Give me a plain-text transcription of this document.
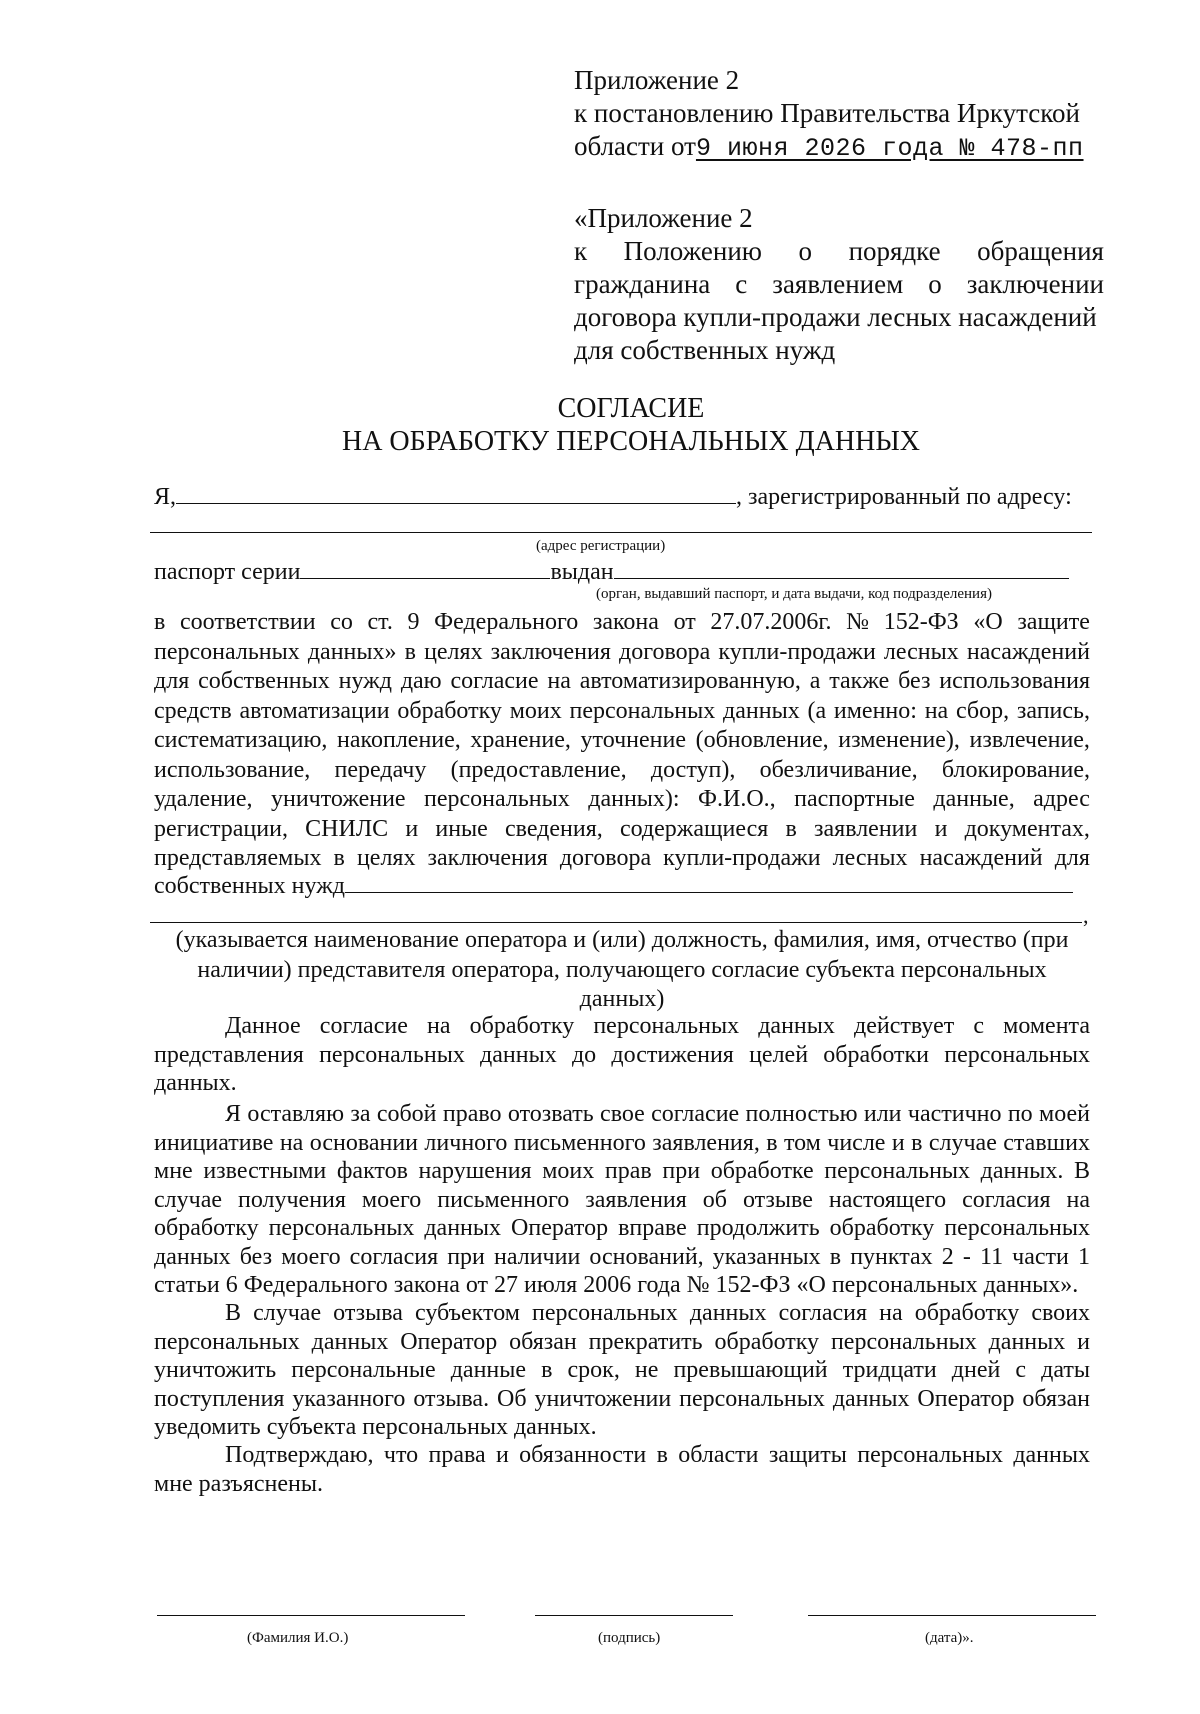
Приложение 2
к постановлению Правительства Иркутской
области от9 июня 2026 года № 478-пп
«Приложение 2
к Положению о порядке обращения
гражданина с заявлением о заключении
договора купли-продажи лесных насаждений
для собственных нужд
СОГЛАСИЕ
НА ОБРАБОТКУ ПЕРСОНАЛЬНЫХ ДАННЫХ
Я,	, зарегистрированный по адресу:
(адрес регистрации)
паспорт серии	выдан
(орган, выдавший паспорт, и дата выдачи, код подразделения)
в соответствии со ст. 9 Федерального закона от 27.07.2006г. № 152-ФЗ «О защите
персональных данных» в целях заключения договора купли-продажи лесных насаждений
для собственных нужд даю согласие на автоматизированную, а также без использования
средств автоматизации обработку моих персональных данных (а именно: на сбор, запись,
систематизацию, накопление, хранение, уточнение (обновление, изменение), извлечение,
использование, передачу (предоставление, доступ), обезличивание, блокирование,
удаление, уничтожение персональных данных): Ф.И.О., паспортные данные, адрес
регистрации, СНИЛС и иные сведения, содержащиеся в заявлении и документах,
представляемых в целях заключения договора купли-продажи лесных насаждений для
собственных нужд
,
(указывается наименование оператора и (или) должность, фамилия, имя, отчество (при
наличии) представителя оператора, получающего согласие субъекта персональных
данных)
Данное согласие на обработку персональных данных действует с момента представления персональных данных до достижения целей обработки персональных данных.
Я оставляю за собой право отозвать свое согласие полностью или частично по моей инициативе на основании личного письменного заявления, в том числе и в случае ставших мне известными фактов нарушения моих прав при обработке персональных данных. В случае получения моего письменного заявления об отзыве настоящего согласия на обработку персональных данных Оператор вправе продолжить обработку персональных данных без моего согласия при наличии оснований, указанных в пунктах 2 - 11 части 1 статьи 6 Федерального закона от 27 июля 2006 года № 152-ФЗ «О персональных данных».
В случае отзыва субъектом персональных данных согласия на обработку своих персональных данных Оператор обязан прекратить обработку персональных данных и уничтожить персональные данные в срок, не превышающий тридцати дней с даты поступления указанного отзыва. Об уничтожении персональных данных Оператор обязан уведомить субъекта персональных данных.
Подтверждаю, что права и обязанности в области защиты персональных данных мне разъяснены.
(Фамилия И.О.)	(подпись)	(дата)».
